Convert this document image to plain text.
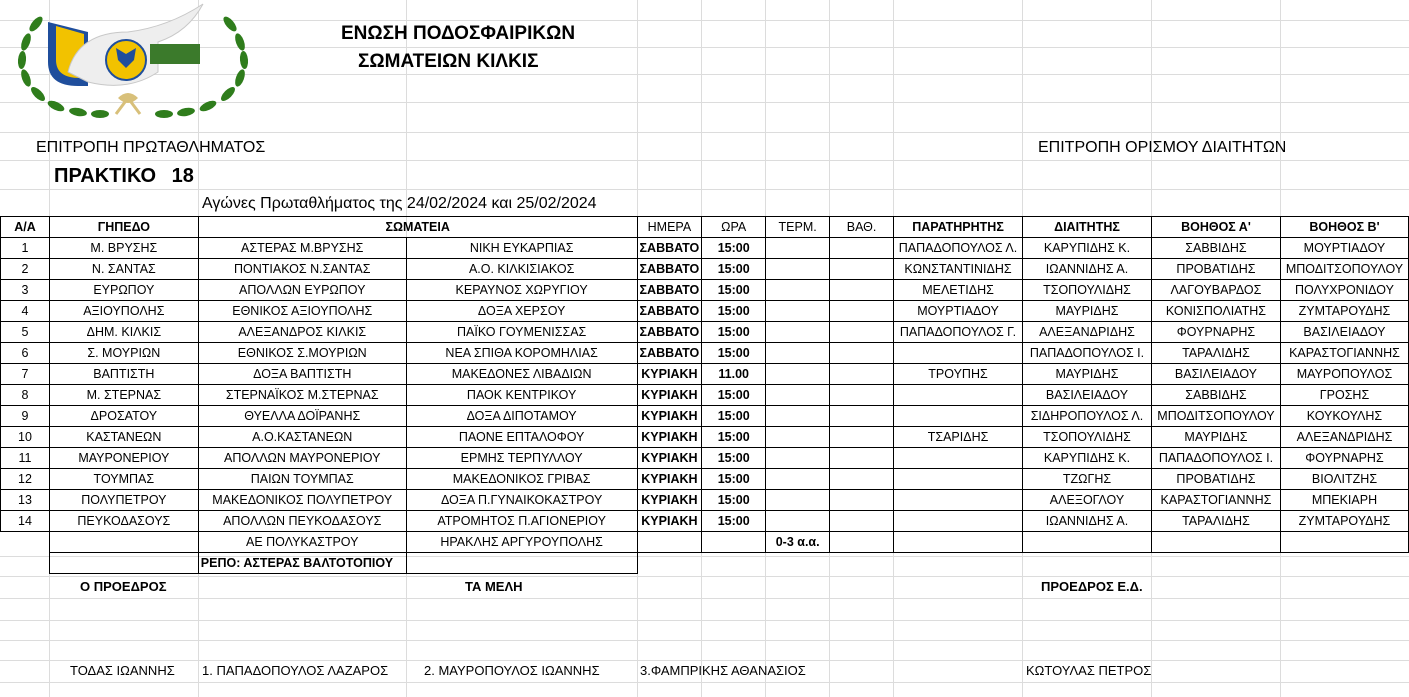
ΕΝΩΣΗ ΠΟΔΟΣΦΑΙΡΙΚΩΝ
ΣΩΜΑΤΕΙΩΝ ΚΙΛΚΙΣ
ΕΠΙΤΡΟΠΗ ΠΡΩΤΑΘΛΗΜΑΤΟΣ	ΕΠΙΤΡΟΠΗ ΟΡΙΣΜΟΥ ΔΙΑΙΤΗΤΩΝ
ΠΡΑΚΤΙΚΟ 18
Αγώνες Πρωταθλήματος της 24/02/2024 και 25/02/2024
Α/Α	ΓΗΠΕΔΟ	ΣΩΜΑΤΕΙΑ		ΗΜΕΡΑ	ΩΡΑ	ΤΕΡΜ.	ΒΑΘ.	ΠΑΡΑΤΗΡΗΤΗΣ	ΔΙΑΙΤΗΤΗΣ	ΒΟΗΘΟΣ Α'	ΒΟΗΘΟΣ Β'
1	Μ. ΒΡΥΣΗΣ	ΑΣΤΕΡΑΣ Μ.ΒΡΥΣΗΣ	ΝΙΚΗ ΕΥΚΑΡΠΙΑΣ	ΣΑΒΒΑΤΟ	15:00			ΠΑΠΑΔΟΠΟΥΛΟΣ Λ.	ΚΑΡΥΠΙΔΗΣ Κ.	ΣΑΒΒΙΔΗΣ	ΜΟΥΡΤΙΑΔΟΥ
2	Ν. ΣΑΝΤΑΣ	ΠΟΝΤΙΑΚΟΣ Ν.ΣΑΝΤΑΣ	Α.Ο. ΚΙΛΚΙΣΙΑΚΟΣ	ΣΑΒΒΑΤΟ	15:00			ΚΩΝΣΤΑΝΤΙΝΙΔΗΣ	ΙΩΑΝΝΙΔΗΣ Α.	ΠΡΟΒΑΤΙΔΗΣ	ΜΠΟΔΙΤΣΟΠΟΥΛΟΥ
3	ΕΥΡΩΠΟΥ	ΑΠΟΛΛΩΝ ΕΥΡΩΠΟΥ	ΚΕΡΑΥΝΟΣ ΧΩΡΥΓΙΟΥ	ΣΑΒΒΑΤΟ	15:00			ΜΕΛΕΤΙΔΗΣ	ΤΣΟΠΟΥΛΙΔΗΣ	ΛΑΓΟΥΒΑΡΔΟΣ	ΠΟΛΥΧΡΟΝΙΔΟΥ
4	ΑΞΙΟΥΠΟΛΗΣ	ΕΘΝΙΚΟΣ ΑΞΙΟΥΠΟΛΗΣ	ΔΟΞΑ ΧΕΡΣΟΥ	ΣΑΒΒΑΤΟ	15:00			ΜΟΥΡΤΙΑΔΟΥ	ΜΑΥΡΙΔΗΣ	ΚΟΝΙΣΠΟΛΙΑΤΗΣ	ΖΥΜΤΑΡΟΥΔΗΣ
5	ΔΗΜ. ΚΙΛΚΙΣ	ΑΛΕΞΑΝΔΡΟΣ ΚΙΛΚΙΣ	ΠΑΪΚΟ ΓΟΥΜΕΝΙΣΣΑΣ	ΣΑΒΒΑΤΟ	15:00			ΠΑΠΑΔΟΠΟΥΛΟΣ Γ.	ΑΛΕΞΑΝΔΡΙΔΗΣ	ΦΟΥΡΝΑΡΗΣ	ΒΑΣΙΛΕΙΑΔΟΥ
6	Σ. ΜΟΥΡΙΩΝ	ΕΘΝΙΚΟΣ Σ.ΜΟΥΡΙΩΝ	ΝΕΑ ΣΠΙΘΑ ΚΟΡΟΜΗΛΙΑΣ	ΣΑΒΒΑΤΟ	15:00				ΠΑΠΑΔΟΠΟΥΛΟΣ Ι.	ΤΑΡΑΛΙΔΗΣ	ΚΑΡΑΣΤΟΓΙΑΝΝΗΣ
7	ΒΑΠΤΙΣΤΗ	ΔΟΞΑ ΒΑΠΤΙΣΤΗ	ΜΑΚΕΔΟΝΕΣ ΛΙΒΑΔΙΩΝ	ΚΥΡΙΑΚΗ	11.00			ΤΡΟΥΠΗΣ	ΜΑΥΡΙΔΗΣ	ΒΑΣΙΛΕΙΑΔΟΥ	ΜΑΥΡΟΠΟΥΛΟΣ
8	Μ. ΣΤΕΡΝΑΣ	ΣΤΕΡΝΑΪΚΟΣ Μ.ΣΤΕΡΝΑΣ	ΠΑΟΚ ΚΕΝΤΡΙΚΟΥ	ΚΥΡΙΑΚΗ	15:00				ΒΑΣΙΛΕΙΑΔΟΥ	ΣΑΒΒΙΔΗΣ	ΓΡΟΣΗΣ
9	ΔΡΟΣΑΤΟΥ	ΘΥΕΛΛΑ ΔΟΪΡΑΝΗΣ	ΔΟΞΑ ΔΙΠΟΤΑΜΟΥ	ΚΥΡΙΑΚΗ	15:00				ΣΙΔΗΡΟΠΟΥΛΟΣ Λ.	ΜΠΟΔΙΤΣΟΠΟΥΛΟΥ	ΚΟΥΚΟΥΛΗΣ
10	ΚΑΣΤΑΝΕΩΝ	Α.Ο.ΚΑΣΤΑΝΕΩΝ	ΠΑΟΝΕ ΕΠΤΑΛΟΦΟΥ	ΚΥΡΙΑΚΗ	15:00			ΤΣΑΡΙΔΗΣ	ΤΣΟΠΟΥΛΙΔΗΣ	ΜΑΥΡΙΔΗΣ	ΑΛΕΞΑΝΔΡΙΔΗΣ
11	ΜΑΥΡΟΝΕΡΙΟΥ	ΑΠΟΛΛΩΝ ΜΑΥΡΟΝΕΡΙΟΥ	ΕΡΜΗΣ ΤΕΡΠΥΛΛΟΥ	ΚΥΡΙΑΚΗ	15:00				ΚΑΡΥΠΙΔΗΣ Κ.	ΠΑΠΑΔΟΠΟΥΛΟΣ Ι.	ΦΟΥΡΝΑΡΗΣ
12	ΤΟΥΜΠΑΣ	ΠΑΙΩΝ ΤΟΥΜΠΑΣ	ΜΑΚΕΔΟΝΙΚΟΣ ΓΡΙΒΑΣ	ΚΥΡΙΑΚΗ	15:00				ΤΖΩΓΗΣ	ΠΡΟΒΑΤΙΔΗΣ	ΒΙΟΛΙΤΖΗΣ
13	ΠΟΛΥΠΕΤΡΟΥ	ΜΑΚΕΔΟΝΙΚΟΣ ΠΟΛΥΠΕΤΡΟΥ	ΔΟΞΑ Π.ΓΥΝΑΙΚΟΚΑΣΤΡΟΥ	ΚΥΡΙΑΚΗ	15:00				ΑΛΕΞΟΓΛΟΥ	ΚΑΡΑΣΤΟΓΙΑΝΝΗΣ	ΜΠΕΚΙΑΡΗ
14	ΠΕΥΚΟΔΑΣΟΥΣ	ΑΠΟΛΛΩΝ ΠΕΥΚΟΔΑΣΟΥΣ	ΑΤΡΟΜΗΤΟΣ Π.ΑΓΙΟΝΕΡΙΟΥ	ΚΥΡΙΑΚΗ	15:00				ΙΩΑΝΝΙΔΗΣ Α.	ΤΑΡΑΛΙΔΗΣ	ΖΥΜΤΑΡΟΥΔΗΣ
		ΑΕ ΠΟΛΥΚΑΣΤΡΟΥ	ΗΡΑΚΛΗΣ ΑΡΓΥΡΟΥΠΟΛΗΣ			0-3 α.α.					
		ΡΕΠΟ: ΑΣΤΕΡΑΣ ΒΑΛΤΟΤΟΠΙΟΥ									
Ο ΠΡΟΕΔΡΟΣ	ΤΑ ΜΕΛΗ	ΠΡΟΕΔΡΟΣ Ε.Δ.
ΤΟΔΑΣ ΙΩΑΝΝΗΣ 1. ΠΑΠΑΔΟΠΟΥΛΟΣ ΛΑΖΑΡΟΣ	2. ΜΑΥΡΟΠΟΥΛΟΣ ΙΩΑΝΝΗΣ	3.ΦΑΜΠΡΙΚΗΣ ΑΘΑΝΑΣΙΟΣ	ΚΩΤΟΥΛΑΣ ΠΕΤΡΟΣ
